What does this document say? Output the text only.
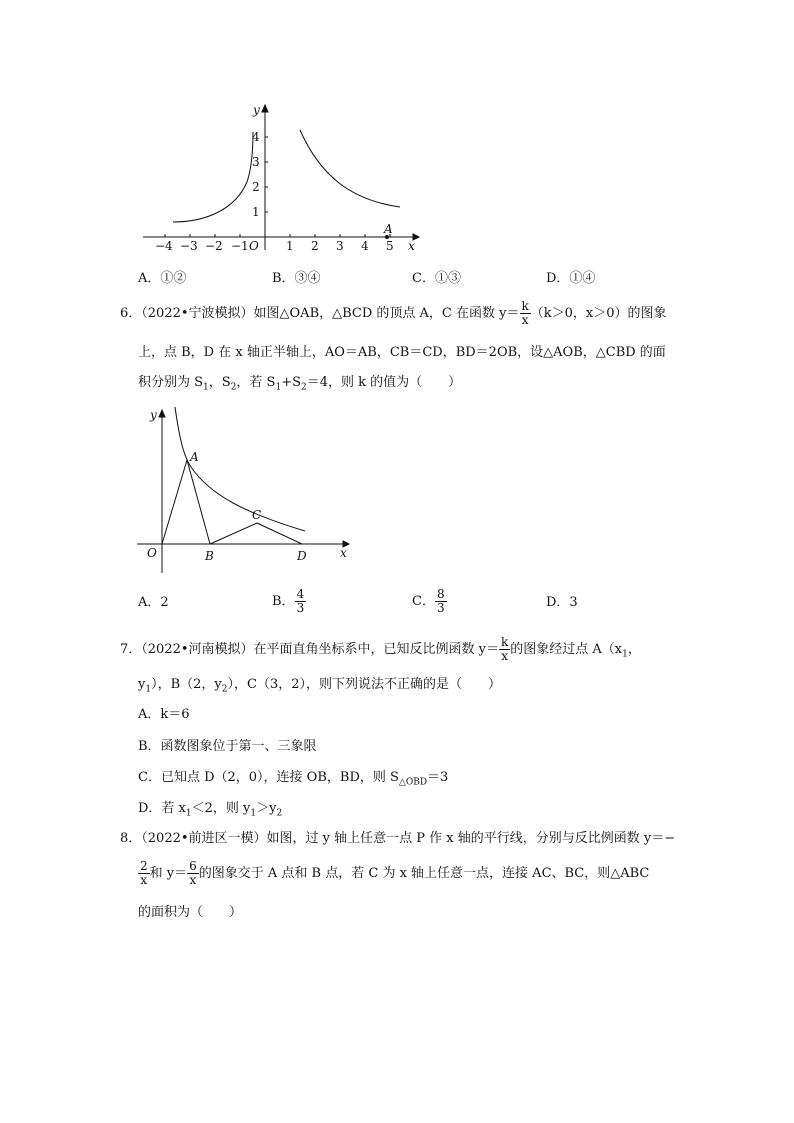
y
x
O
A
4
3
2
1
−4 −3 −2 −1	1 2 3 4 5
A．①②	B．③④	C．①③	D．①④
6．（2022•宁波模拟）如图△OAB，△BCD 的顶点 A，C 在函数 $y= \frac{k}{x} (k>0$，x＞0）的图象
上，点 B，D 在 x 轴正半轴上，AO＝AB，CB＝CD，BD＝2OB，设△AOB，△CBD 的面
积分别为 $S_1$，$S_2$，若 $S_1+S_2=4$，则 k 的值为（　　）
y
x
O
A
B
C
D
A．2	B． $\frac{4}{3}$	C． $\frac{8}{3}$	D．3
7．（2022•河南模拟）在平面直角坐标系中，已知反比例函数 $y= \frac{k}{x}$ 的图象经过点 $A(x_1$，
$y_1$），B（2，$y_2$），C（3，2），则下列说法不正确的是（　　）
A．k＝6
B．函数图象位于第一、三象限
C．已知点 D（2，0），连接 OB，BD，则 $S_{\triangle OBD}=3$
D．若 $x_1<2$，则 $y_1>y_2$
8．（2022•前进区一模）如图，过 y 轴上任意一点 P 作 x 轴的平行线，分别与反比例函数 y＝−
$\frac{2}{x}$ 和 $y= \frac{6}{x}$ 的图象交于 A 点和 B 点，若 C 为 x 轴上任意一点，连接 AC、BC，则△ABC
的面积为（　　）
